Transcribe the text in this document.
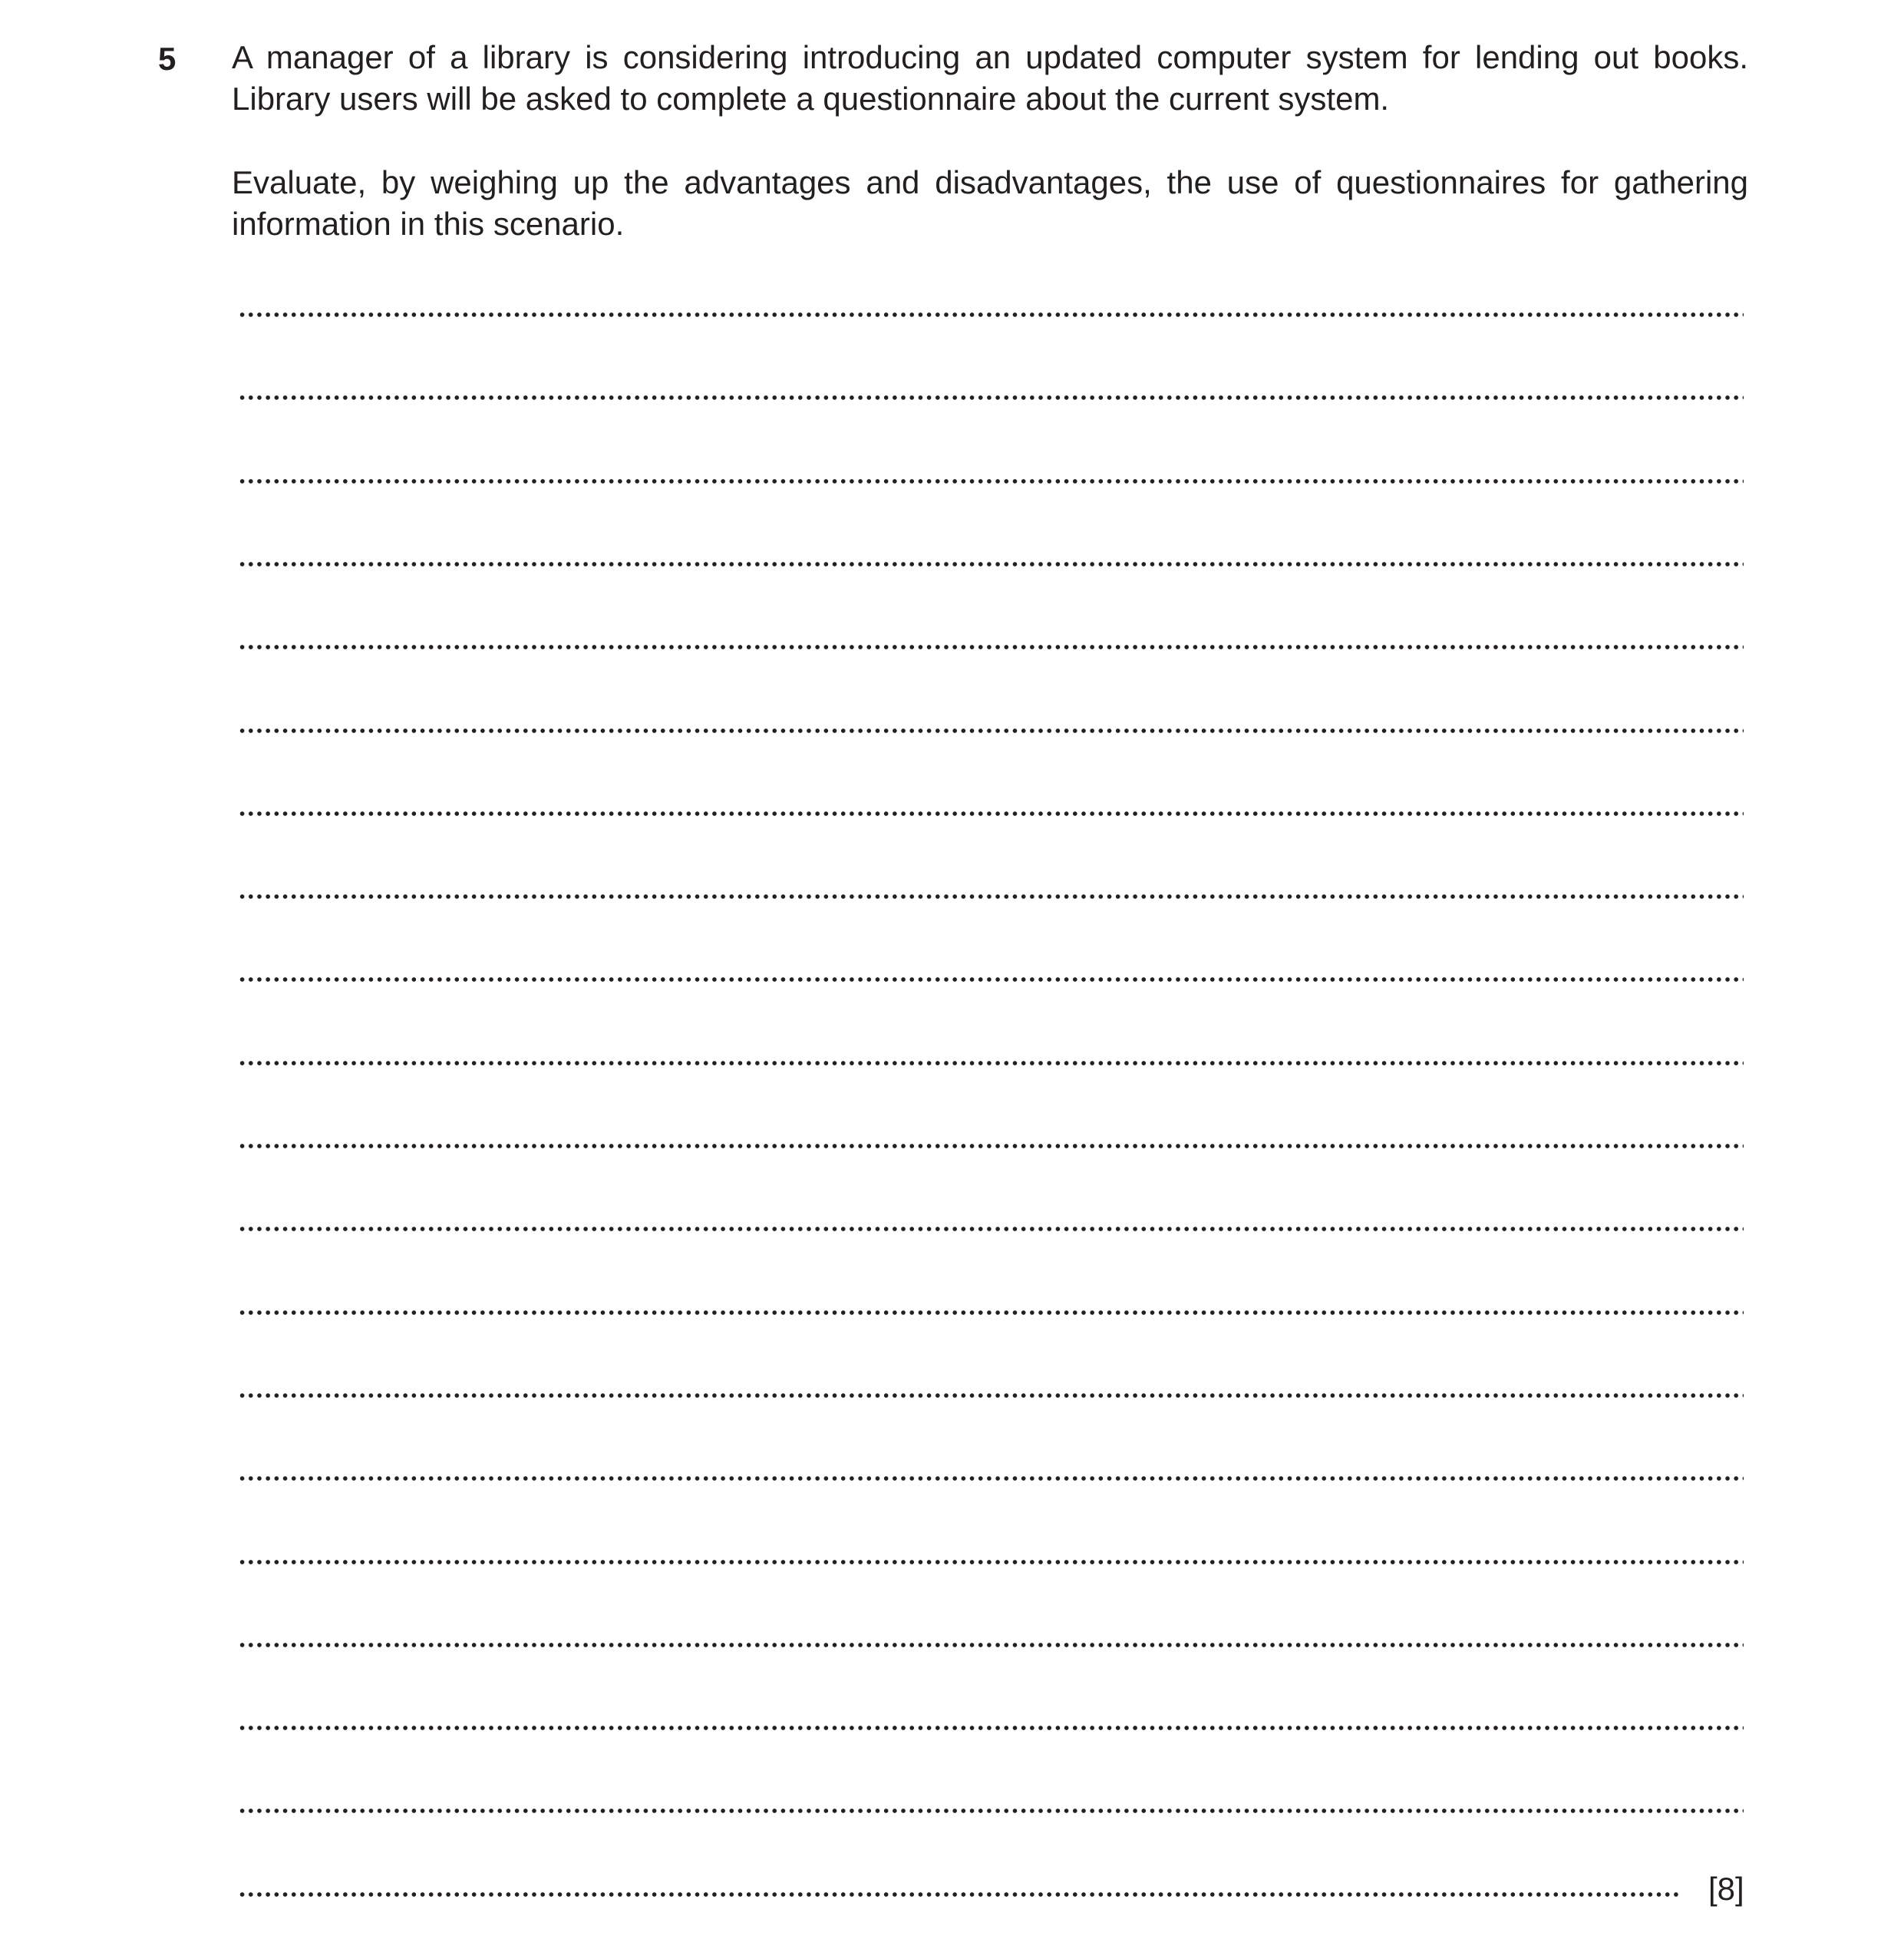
5 A manager of a library is considering introducing an updated computer system for lending out books. Library users will be asked to complete a questionnaire about the current system.

Evaluate, by weighing up the advantages and disadvantages, the use of questionnaires for gathering information in this scenario.

[8]
